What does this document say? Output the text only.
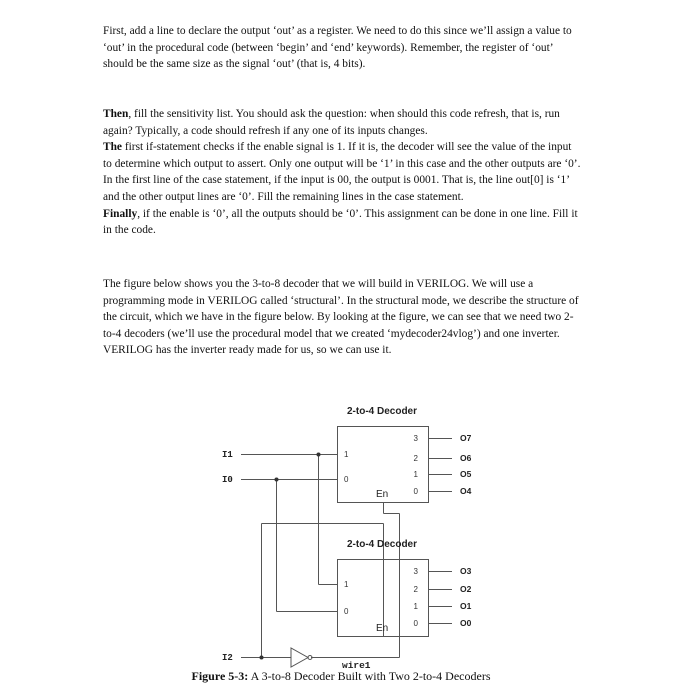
First, add a line to declare the output ‘out’ as a register. We need to do this since we’ll assign a value to ‘out’ in the procedural code (between ‘begin’ and ‘end’ keywords). Remember, the register of ‘out’ should be the same size as the signal ‘out’ (that is, 4 bits).

Then, fill the sensitivity list. You should ask the question: when should this code refresh, that is, run again? Typically, a code should refresh if any one of its inputs changes.
The first if-statement checks if the enable signal is 1. If it is, the decoder will see the value of the input to determine which output to assert. Only one output will be ‘1’ in this case and the other outputs are ‘0’. In the first line of the case statement, if the input is 00, the output is 0001. That is, the line out[0] is ‘1’ and the other output lines are ‘0’. Fill the remaining lines in the case statement.
Finally, if the enable is ‘0’, all the outputs should be ‘0’. This assignment can be done in one line. Fill it in the code.

The figure below shows you the 3-to-8 decoder that we will build in VERILOG. We will use a programming mode in VERILOG called ‘structural’. In the structural mode, we describe the structure of the circuit, which we have in the figure below. By looking at the figure, we can see that we need two 2-to-4 decoders (we’ll use the procedural model that we created ‘mydecoder24vlog’) and one inverter. VERILOG has the inverter ready made for us, so we can use it.

2-to-4 Decoder
2-to-4 Decoder
I1
I0
I2
1
0
3
2
1
0
1
0
3
2
1
0
En
En
O7
O6
O5
O4
O3
O2
O1
O0
wire1
Figure 5-3: A 3-to-8 Decoder Built with Two 2-to-4 Decoders
